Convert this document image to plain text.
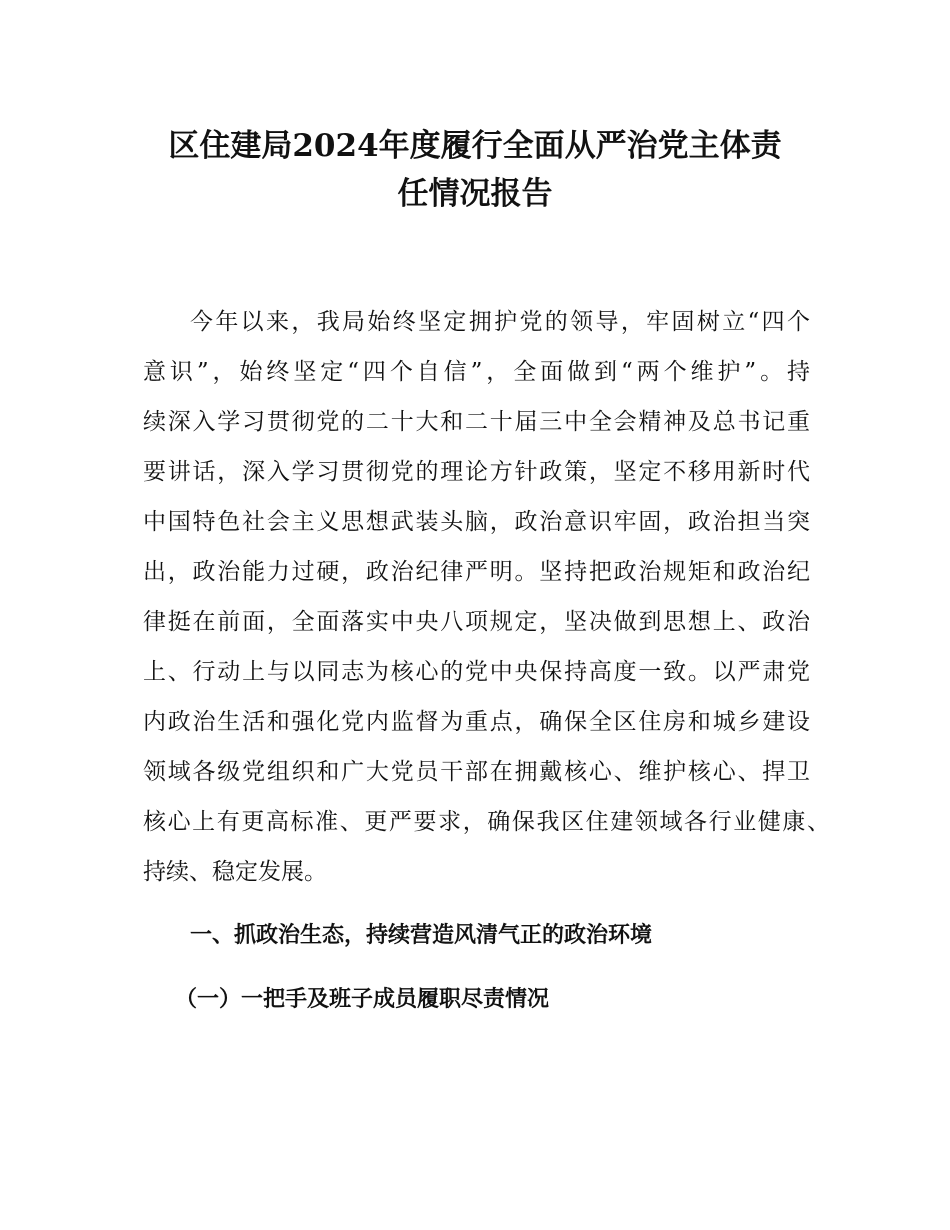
区住建局2024年度履行全面从严治党主体责
任情况报告
今年以来，我局始终坚定拥护党的领导，牢固树立“四个
意识”，始终坚定“四个自信”，全面做到“两个维护”。持
续深入学习贯彻党的二十大和二十届三中全会精神及总书记重
要讲话，深入学习贯彻党的理论方针政策，坚定不移用新时代
中国特色社会主义思想武装头脑，政治意识牢固，政治担当突
出，政治能力过硬，政治纪律严明。坚持把政治规矩和政治纪
律挺在前面，全面落实中央八项规定，坚决做到思想上、政治
上、行动上与以同志为核心的党中央保持高度一致。以严肃党
内政治生活和强化党内监督为重点，确保全区住房和城乡建设
领域各级党组织和广大党员干部在拥戴核心、维护核心、捍卫
核心上有更高标准、更严要求，确保我区住建领域各行业健康、
持续、稳定发展。
一、抓政治生态，持续营造风清气正的政治环境
（一）一把手及班子成员履职尽责情况
